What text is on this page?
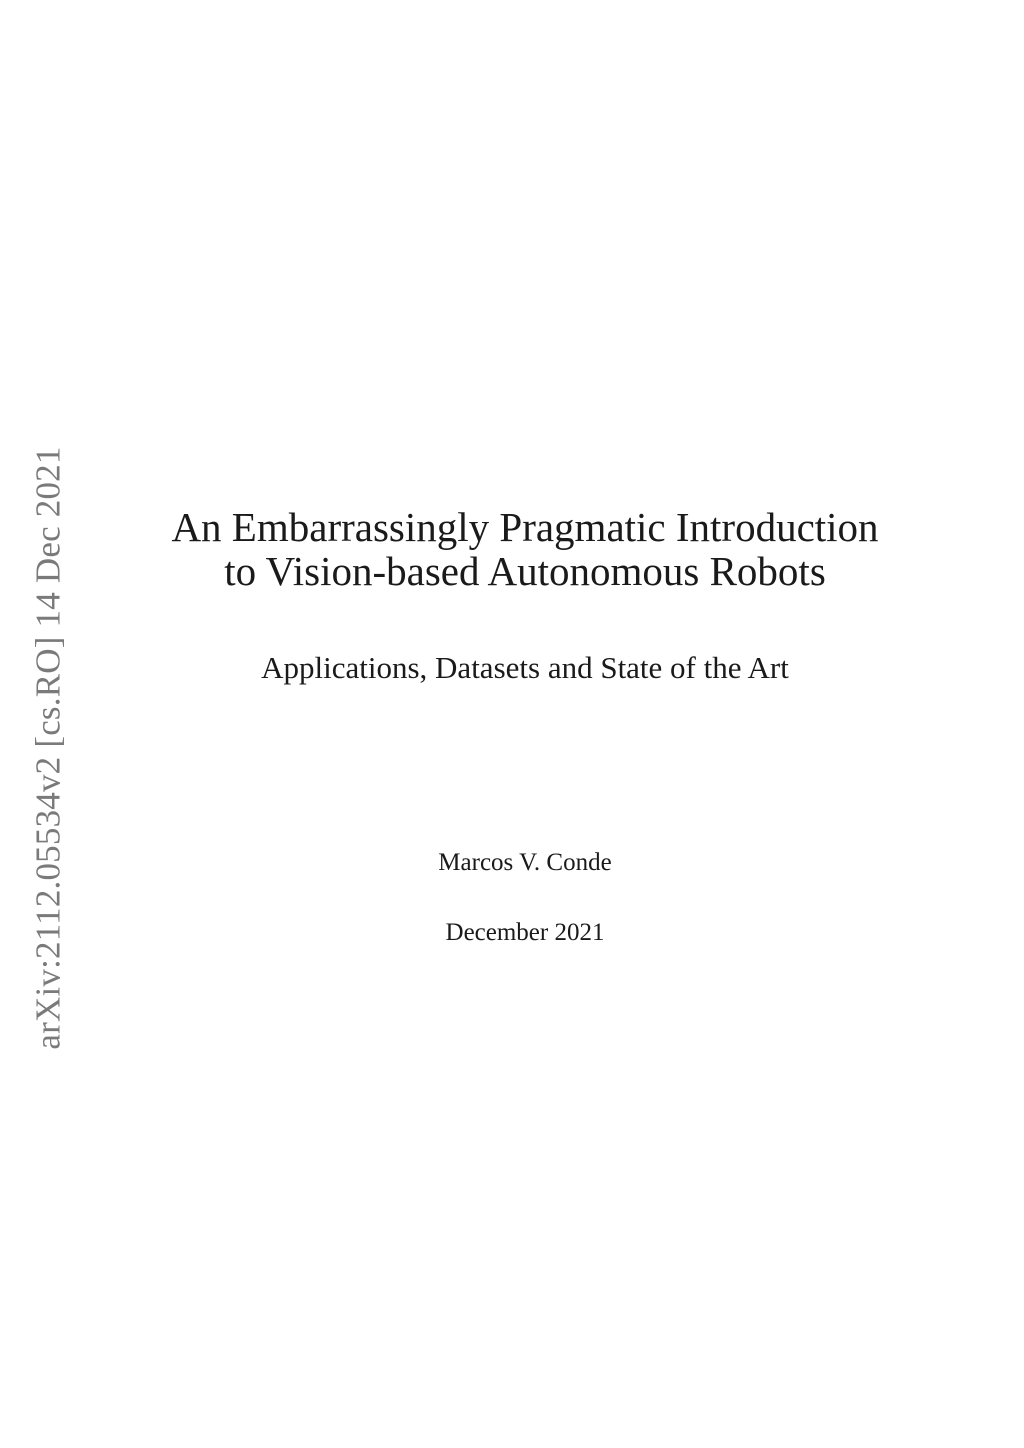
arXiv:2112.05534v2 [cs.RO] 14 Dec 2021	An Embarrassingly Pragmatic Introduction
to Vision-based Autonomous Robots
Applications, Datasets and State of the Art
Marcos V. Conde
December 2021
